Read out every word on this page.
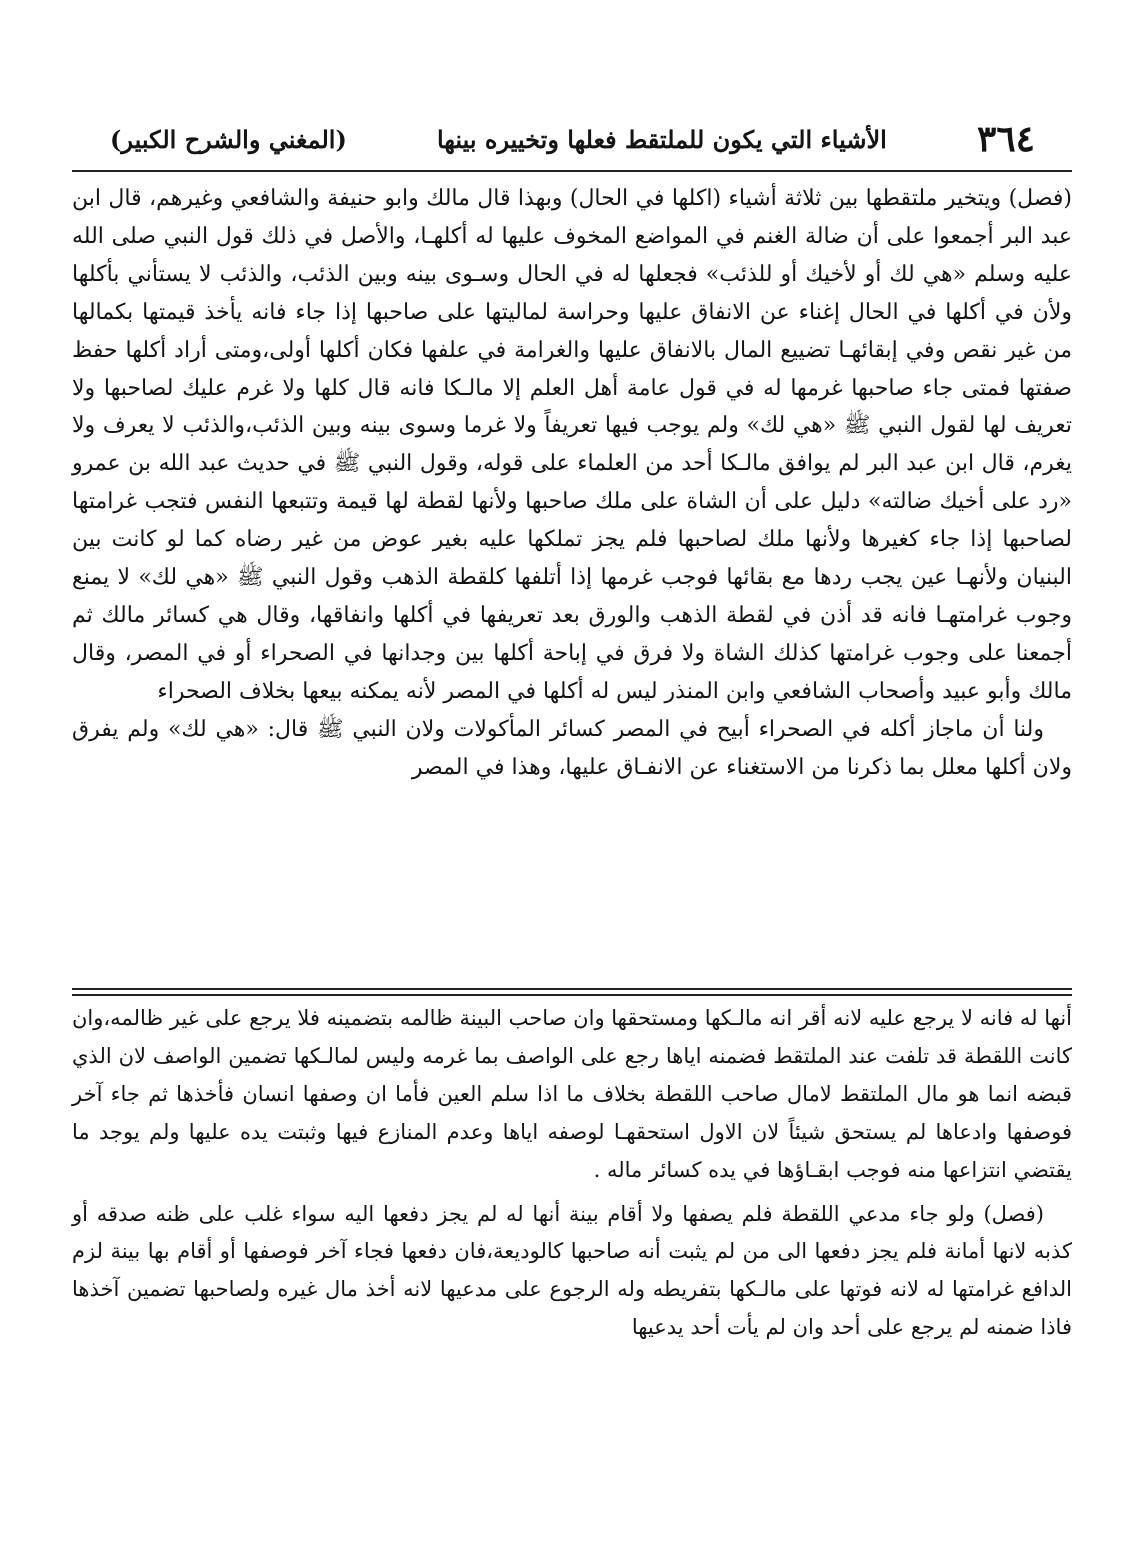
٣٦٤
الأشياء التي يكون للملتقط فعلها وتخييره بينها
(المغني والشرح الكبير)

(فصل) ويتخير ملتقطها بين ثلاثة أشياء (اكلها في الحال) وبهذا قال مالك وابو حنيفة والشافعي وغيرهم، قال ابن عبد البر أجمعوا على أن ضالة الغنم في المواضع المخوف عليها له أكلهـا، والأصل في ذلك قول النبي صلى الله عليه وسلم «هي لك أو لأخيك أو للذئب» فجعلها له في الحال وسـوى بينه وبين الذئب، والذئب لا يستأني بأكلها ولأن في أكلها في الحال إغناء عن الانفاق عليها وحراسة لماليتها على صاحبها إذا جاء فانه يأخذ قيمتها بكمالها من غير نقص وفي إبقائهـا تضييع المال بالانفاق عليها والغرامة في علفها فكان أكلها أولى،ومتى أراد أكلها حفظ صفتها فمتى جاء صاحبها غرمها له في قول عامة أهل العلم إلا مالـكا فانه قال كلها ولا غرم عليك لصاحبها ولا تعريف لها لقول النبي ﷺ «هي لك» ولم يوجب فيها تعريفاً ولا غرما وسوى بينه وبين الذئب،والذئب لا يعرف ولا يغرم، قال ابن عبد البر لم يوافق مالـكا أحد من العلماء على قوله، وقول النبي ﷺ في حديث عبد الله بن عمرو «رد على أخيك ضالته» دليل على أن الشاة على ملك صاحبها ولأنها لقطة لها قيمة وتتبعها النفس فتجب غرامتها لصاحبها إذا جاء كغيرها ولأنها ملك لصاحبها فلم يجز تملكها عليه بغير عوض من غير رضاه كما لو كانت بين البنيان ولأنهـا عين يجب ردها مع بقائها فوجب غرمها إذا أتلفها كلقطة الذهب وقول النبي ﷺ «هي لك» لا يمنع وجوب غرامتهـا فانه قد أذن في لقطة الذهب والورق بعد تعريفها في أكلها وانفاقها، وقال هي كسائر مالك ثم أجمعنا على وجوب غرامتها كذلك الشاة ولا فرق في إباحة أكلها بين وجدانها في الصحراء أو في المصر، وقال مالك وأبو عبيد وأصحاب الشافعي وابن المنذر ليس له أكلها في المصر لأنه يمكنه بيعها بخلاف الصحراء

ولنا أن ماجاز أكله في الصحراء أبيح في المصر كسائر المأكولات ولان النبي ﷺ قال: «هي لك» ولم يفرق ولان أكلها معلل بما ذكرنا من الاستغناء عن الانفـاق عليها، وهذا في المصر

أنها له فانه لا يرجع عليه لانه أقر انه مالـكها ومستحقها وان صاحب البينة ظالمه بتضمينه فلا يرجع على غير ظالمه،وان كانت اللقطة قد تلفت عند الملتقط فضمنه اياها رجع على الواصف بما غرمه وليس لمالـكها تضمين الواصف لان الذي قبضه انما هو مال الملتقط لامال صاحب اللقطة بخلاف ما اذا سلم العين فأما ان وصفها انسان فأخذها ثم جاء آخر فوصفها وادعاها لم يستحق شيئاً لان الاول استحقهـا لوصفه اياها وعدم المنازع فيها وثبتت يده عليها ولم يوجد ما يقتضي انتزاعها منه فوجب ابقـاؤها في يده كسائر ماله .

(فصل) ولو جاء مدعي اللقطة فلم يصفها ولا أقام بينة أنها له لم يجز دفعها اليه سواء غلب على ظنه صدقه أو كذبه لانها أمانة فلم يجز دفعها الى من لم يثبت أنه صاحبها كالوديعة،فان دفعها فجاء آخر فوصفها أو أقام بها بينة لزم الدافع غرامتها له لانه فوتها على مالـكها بتفريطه وله الرجوع على مدعيها لانه أخذ مال غيره ولصاحبها تضمين آخذها فاذا ضمنه لم يرجع على أحد وان لم يأت أحد يدعيها
